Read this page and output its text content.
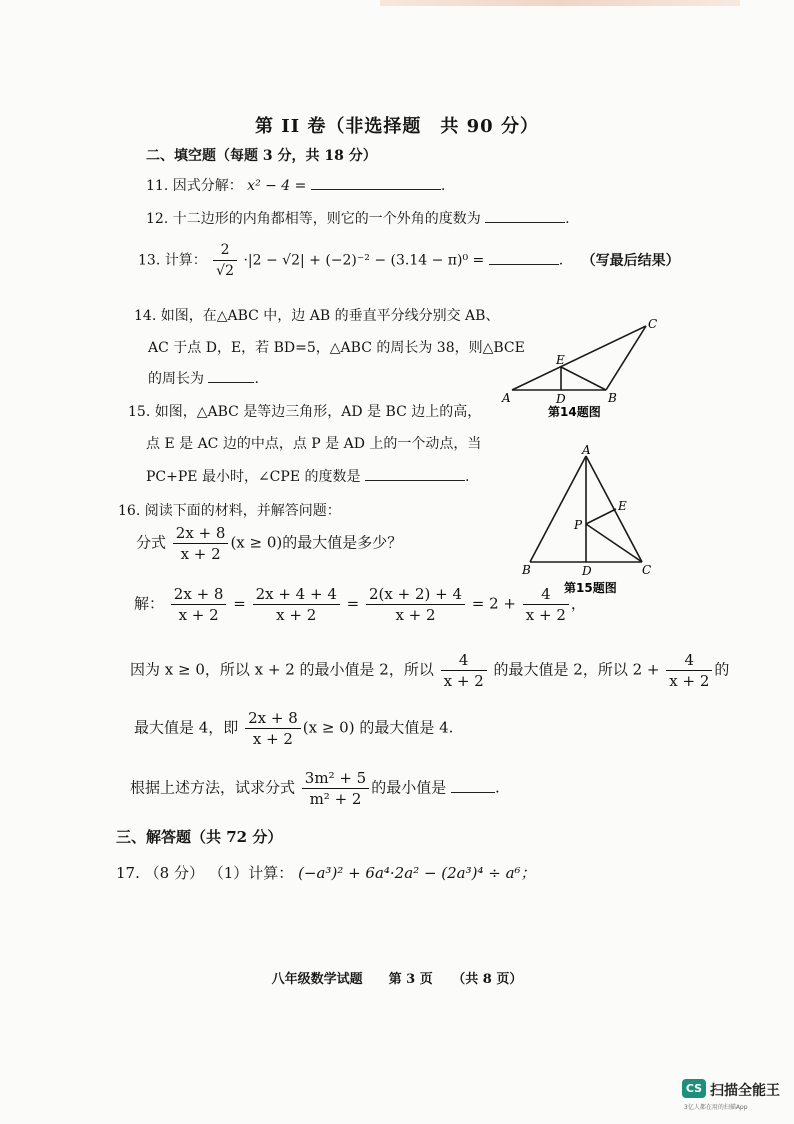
第 II 卷（非选择题　共 90 分）
二、填空题（每题 3 分，共 18 分）
11. 因式分解： x² − 4 =	.
12. 十二边形的内角都相等，则它的一个外角的度数为	.
13. 计算： $\frac{2}{√2} \cdot|2 - √2| + (-2)^{-2} - (3.14 - \pi)^0$ =	. （写最后结果）
14. 如图，在△ABC 中，边 AB 的垂直平分线分别交 AB、
AC 于点 D，E，若 BD=5，△ABC 的周长为 38，则△BCE
的周长为	.
A	B
C
D
E
第14题图
15. 如图，△ABC 是等边三角形，AD 是 BC 边上的高，
点 E 是 AC 边的中点，点 P 是 AD 上的一个动点，当
PC+PE 最小时，∠CPE 的度数是	.
A
B	C
D
E
P
第15题图
16. 阅读下面的材料，并解答问题：
分式 $\frac{2x + 8}{x + 2} (x \ge 0)$的最大值是多少？
解： $\frac{2x + 8}{x + 2} = \frac{2x + 4 + 4}{x + 2} = \frac{2(x + 2) + 4}{x + 2} = 2 + \frac{4}{x + 2}$ ，
因为 x ≥ 0，所以 x + 2 的最小值是 2，所以 $\frac{4}{x + 2}$ 的最大值是 2，所以 $2 + \frac{4}{x + 2}$ 的
最大值是 4，即 $\frac{2x + 8}{x + 2} (x \ge 0)$ 的最大值是 4.
根据上述方法，试求分式 $\frac{\text{3m² + 5}}{\text{m² + 2}}$ 的最小值是	.
三、解答题（共 72 分）
17. （8 分） （1）计算： (−a³)² + 6a⁴·2a² − (2a³)⁴ ÷ a⁶；
八年级数学试题　　第 3 页　　（共 8 页）
CS 扫描全能王
3亿人都在用的扫描App
